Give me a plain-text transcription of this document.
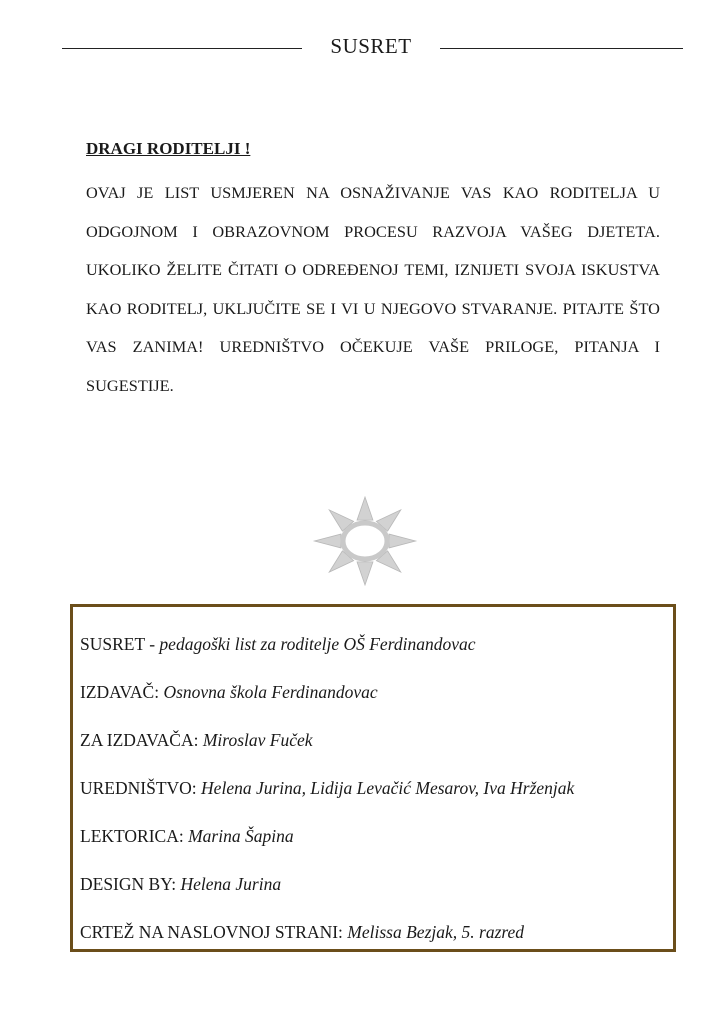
SUSRET
DRAGI RODITELJI !

OVAJ JE LIST USMJEREN NA OSNAŽIVANJE VAS KAO RODITELJA U ODGOJNOM I OBRAZOVNOM PROCESU RAZVOJA VAŠEG DJETETA. UKOLIKO ŽELITE ČITATI O ODREĐENOJ TEMI, IZNIJETI SVOJA ISKUSTVA KAO RODITELJ, UKLJUČITE SE I VI U NJEGOVO STVARANJE. PITAJTE ŠTO VAS ZANIMA! UREDNIŠTVO OČEKUJE VAŠE PRILOGE, PITANJA I SUGESTIJE.

SUSRET - pedagoški list za roditelje OŠ Ferdinandovac
IZDAVAČ: Osnovna škola Ferdinandovac
ZA IZDAVAČA: Miroslav Fuček
UREDNIŠTVO: Helena Jurina, Lidija Levačić Mesarov, Iva Hrženjak
LEKTORICA: Marina Šapina
DESIGN BY: Helena Jurina
CRTEŽ NA NASLOVNOJ STRANI: Melissa Bezjak, 5. razred
